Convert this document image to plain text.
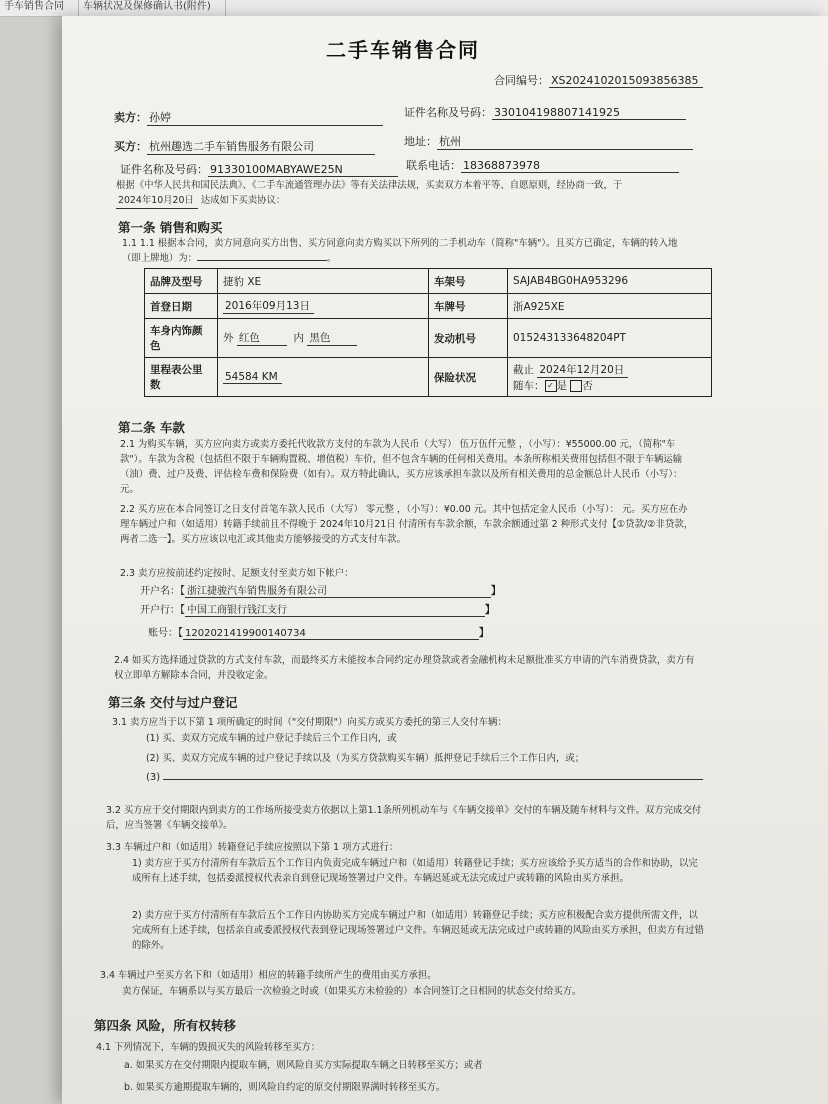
手车销售合同	车辆状况及保修确认书(附件)
二手车销售合同
合同编号： XS2024102015093856385
卖方： 孙婷	证件名称及号码： 330104198807141925
买方： 杭州趣选二手车销售服务有限公司	地址： 杭州
证件名称及号码： 91330100MABYAWE25N	联系电话： 18368873978
根据《中华人民共和国民法典》、《二手车流通管理办法》等有关法律法规，买卖双方本着平等、自愿原则，经协商一致，于 2024年10月20日 达成如下买卖协议：
第一条 销售和购买
1.1 1.1 根据本合同，卖方同意向买方出售、买方同意向卖方购买以下所列的二手机动车（简称"车辆"）。且买方已确定，车辆的转入地（即上牌地）为：	。
品牌及型号	捷豹 XE	车架号	SAJAB4BG0HA953296
首登日期	2016年09月13日	车牌号	浙A925XE
车身内饰颜色	外 红色 内 黑色	发动机号	015243133648204PT
里程表公里数	54584 KM	保险状况	截止 2024年12月20日
随车： ✓ 是 否
第二条 车款
2.1 为购买车辆，买方应向卖方或卖方委托代收款方支付的车款为人民币（大写） 伍万伍仟元整 ，（小写）：¥55000.00 元，（简称"车款"）。车款为含税（包括但不限于车辆购置税、增值税）车价，但不包含车辆的任何相关费用。本条所称相关费用包括但不限于车辆运输（油）费、过户及费、评估检车费和保险费（如有）。双方特此确认，买方应该承担车款以及所有相关费用的总金额总计人民币（小写）： 元。
2.2 买方应在本合同签订之日支付首笔车款人民币（大写） 零元整 ，（小写）：¥0.00 元。其中包括定金人民币（小写）： 元。买方应在办理车辆过户和（如适用）转籍手续前且不得晚于 2024年10月21日 付清所有车款余额，车款余额通过第 2 种形式支付【①贷款/②非贷款，两者二选一】。买方应该以电汇或其他卖方能够接受的方式支付车款。
2.3 卖方应按前述约定按时、足额支付至卖方如下帐户：
开户名：【 浙江捷骏汽车销售服务有限公司	】
开户行：【 中国工商银行钱江支行	】
账号：【 1202021419900140734	】
2.4 如买方选择通过贷款的方式支付车款，而最终买方未能按本合同约定办理贷款或者金融机构未足额批准买方申请的汽车消费贷款，卖方有权立即单方解除本合同，并没收定金。
第三条 交付与过户登记
3.1 卖方应当于以下第 1 项所确定的时间（"交付期限"）向买方或买方委托的第三人交付车辆：
(1) 买、卖双方完成车辆的过户登记手续后三个工作日内，或
(2) 买、卖双方完成车辆的过户登记手续以及（为买方贷款购买车辆）抵押登记手续后三个工作日内，或；
(3)
3.2 买方应于交付期限内到卖方的工作场所接受卖方依据以上第1.1条所列机动车与《车辆交接单》交付的车辆及随车材料与文件。双方完成交付后，应当签署《车辆交接单》。
3.3 车辆过户和（如适用）转籍登记手续应按照以下第 1 项方式进行：
1) 卖方应于买方付清所有车款后五个工作日内负责完成车辆过户和（如适用）转籍登记手续；买方应该给予买方适当的合作和协助，以完成所有上述手续，包括委派授权代表亲自到登记现场签署过户文件。车辆迟延或无法完成过户或转籍的风险由买方承担。
2) 卖方应于买方付清所有车款后五个工作日内协助买方完成车辆过户和（如适用）转籍登记手续；买方应积极配合卖方提供所需文件，以完成所有上述手续，包括亲自或委派授权代表到登记现场签署过户文件。车辆迟延或无法完成过户或转籍的风险由买方承担，但卖方有过错的除外。
3.4 车辆过户至买方名下和（如适用）相应的转籍手续所产生的费用由买方承担。
卖方保证，车辆系以与买方最后一次检验之时或（如果买方未检验的）本合同签订之日相同的状态交付给买方。
第四条 风险，所有权转移
4.1 下列情况下，车辆的毁损灭失的风险转移至买方：
a. 如果买方在交付期限内提取车辆，则风险自买方实际提取车辆之日转移至买方；或者
b. 如果买方逾期提取车辆的，则风险自约定的原交付期限界满时转移至买方。
